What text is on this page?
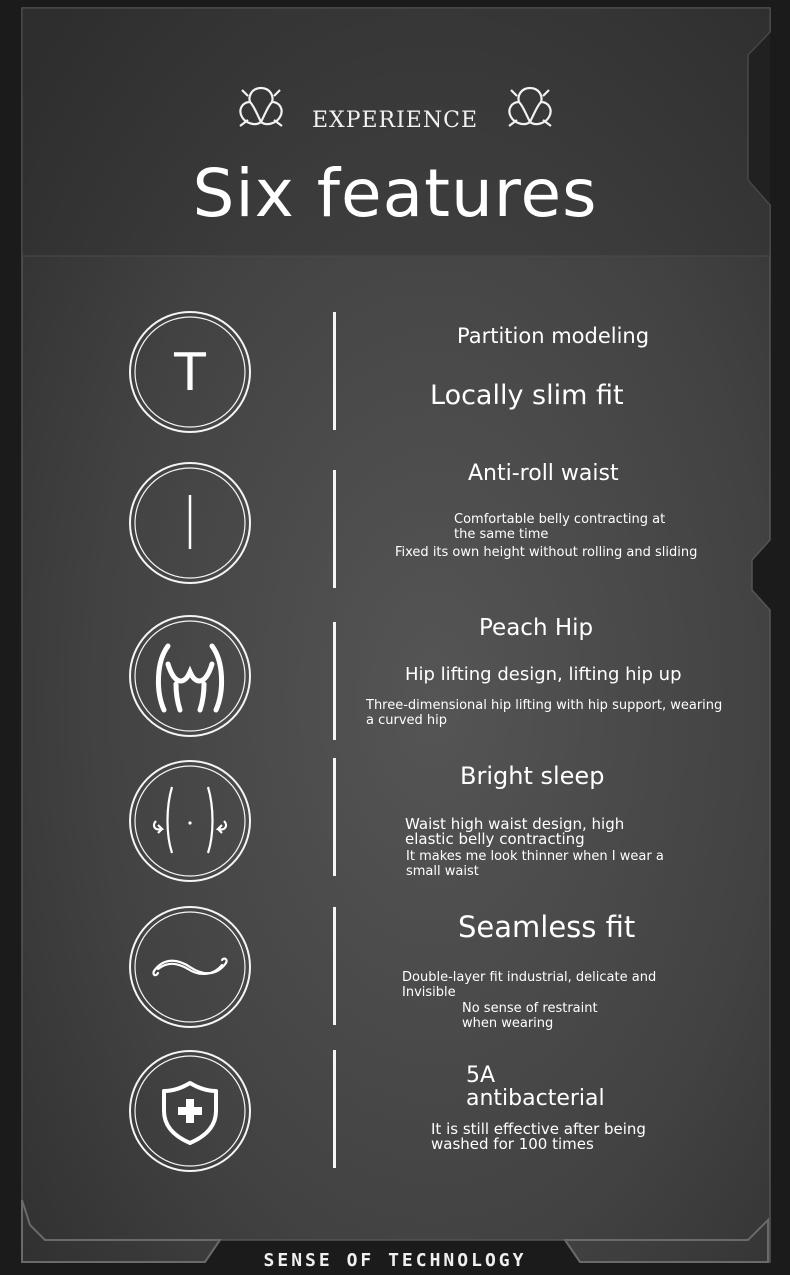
EXPERIENCE
Six features
T
Partition modeling
Locally slim fit
Anti-roll waist
Comfortable belly contracting at
the same time
Fixed its own height without rolling and sliding
Peach Hip
Hip lifting design, lifting hip up
Three-dimensional hip lifting with hip support, wearing a curved hip
Bright sleep
Waist high waist design, high elastic belly contracting
It makes me look thinner when I wear a small waist
Seamless fit
Double-layer fit industrial, delicate and Invisible
No sense of restraint when wearing
5A
antibacterial
It is still effective after being washed for 100 times
SENSE OF TECHNOLOGY
